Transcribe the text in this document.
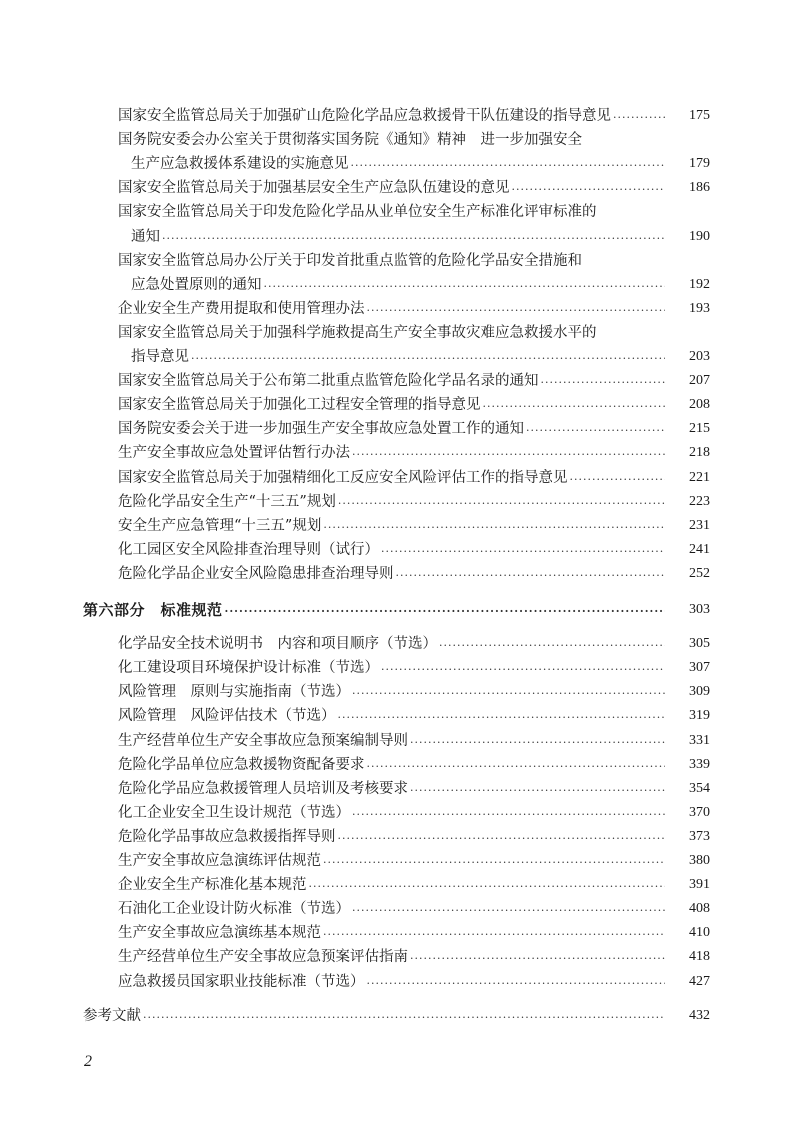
国家安全监管总局关于加强矿山危险化学品应急救援骨干队伍建设的指导意见 ·····	175
国务院安委会办公室关于贯彻落实国务院《通知》精神　进一步加强安全
生产应急救援体系建设的实施意见 ·····	179
国家安全监管总局关于加强基层安全生产应急队伍建设的意见 ·····	186
国家安全监管总局关于印发危险化学品从业单位安全生产标准化评审标准的
通知 ·····	190
国家安全监管总局办公厅关于印发首批重点监管的危险化学品安全措施和
应急处置原则的通知 ·····	192
企业安全生产费用提取和使用管理办法 ·····	193
国家安全监管总局关于加强科学施救提高生产安全事故灾难应急救援水平的
指导意见 ·····	203
国家安全监管总局关于公布第二批重点监管危险化学品名录的通知 ·····	207
国家安全监管总局关于加强化工过程安全管理的指导意见 ·····	208
国务院安委会关于进一步加强生产安全事故应急处置工作的通知 ·····	215
生产安全事故应急处置评估暂行办法 ·····	218
国家安全监管总局关于加强精细化工反应安全风险评估工作的指导意见 ·····	221
危险化学品安全生产“十三五”规划 ·····	223
安全生产应急管理“十三五”规划 ·····	231
化工园区安全风险排查治理导则（试行） ·····	241
危险化学品企业安全风险隐患排查治理导则 ·····	252
第六部分　标准规范 ·····	303
化学品安全技术说明书　内容和项目顺序（节选） ·····	305
化工建设项目环境保护设计标准（节选） ·····	307
风险管理　原则与实施指南（节选） ·····	309
风险管理　风险评估技术（节选） ·····	319
生产经营单位生产安全事故应急预案编制导则 ·····	331
危险化学品单位应急救援物资配备要求 ·····	339
危险化学品应急救援管理人员培训及考核要求 ·····	354
化工企业安全卫生设计规范（节选） ·····	370
危险化学品事故应急救援指挥导则 ·····	373
生产安全事故应急演练评估规范 ·····	380
企业安全生产标准化基本规范 ·····	391
石油化工企业设计防火标准（节选） ·····	408
生产安全事故应急演练基本规范 ·····	410
生产经营单位生产安全事故应急预案评估指南 ·····	418
应急救援员国家职业技能标准（节选） ·····	427
参考文献 ·····	432
2
